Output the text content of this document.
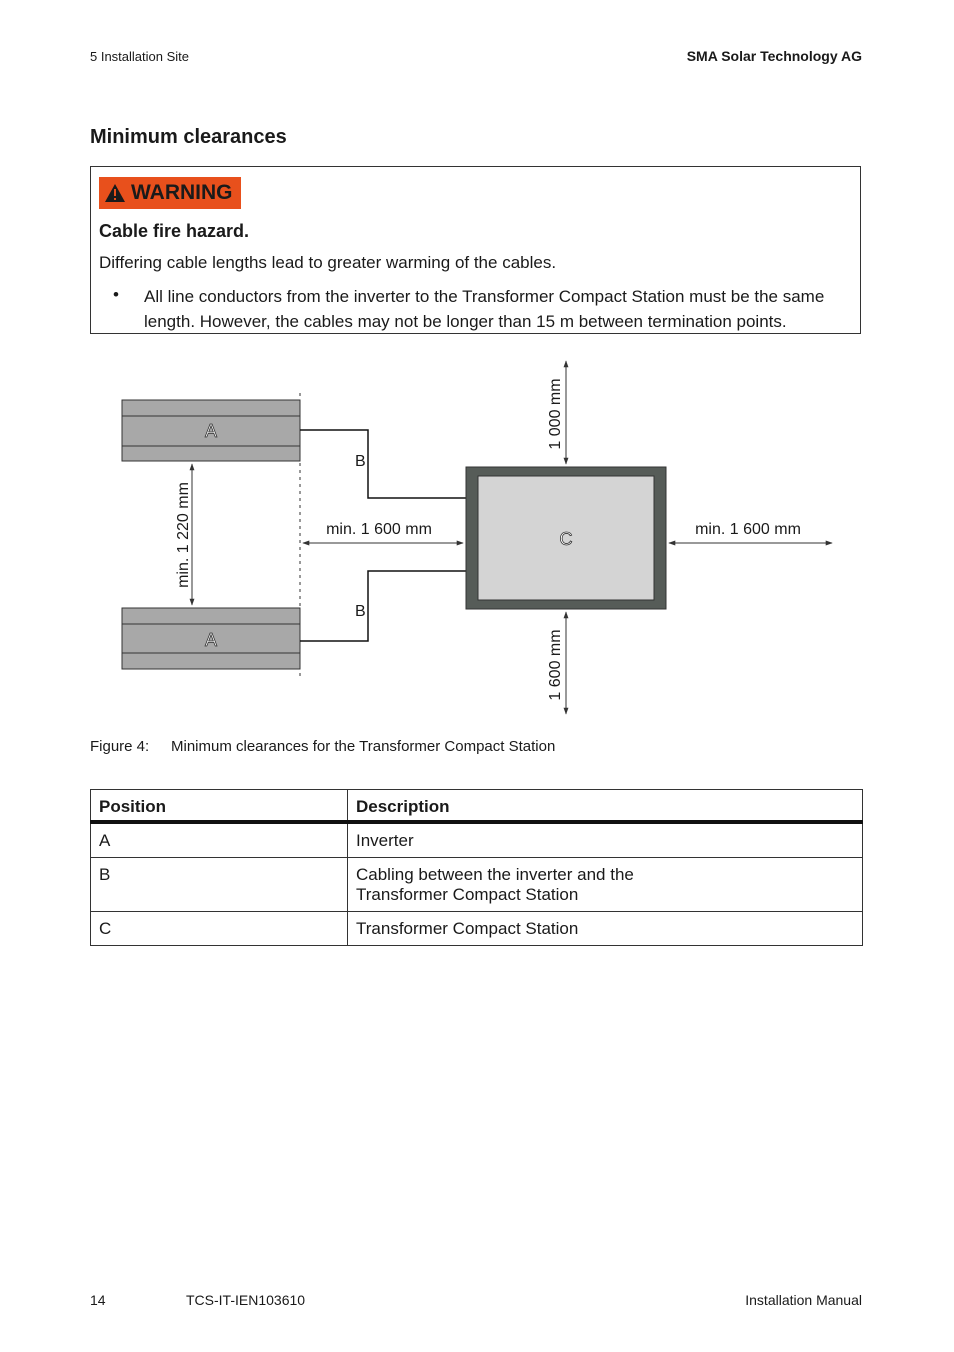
5 Installation Site	SMA Solar Technology AG
Minimum clearances
WARNING
Cable fire hazard.
Differing cable lengths lead to greater warming of the cables.
• All line conductors from the inverter to the Transformer Compact Station must be the same length. However, the cables may not be longer than 15 m between termination points.
A
A
B
B
C
min. 1 220 mm	min. 1 600 mm	min. 1 600 mm
1 000 mm
1 600 mm
Figure 4: Minimum clearances for the Transformer Compact Station
Position	Description
A	Inverter
B	Cabling between the inverter and the
Transformer Compact Station
C	Transformer Compact Station
14	TCS-IT-IEN103610	Installation Manual
